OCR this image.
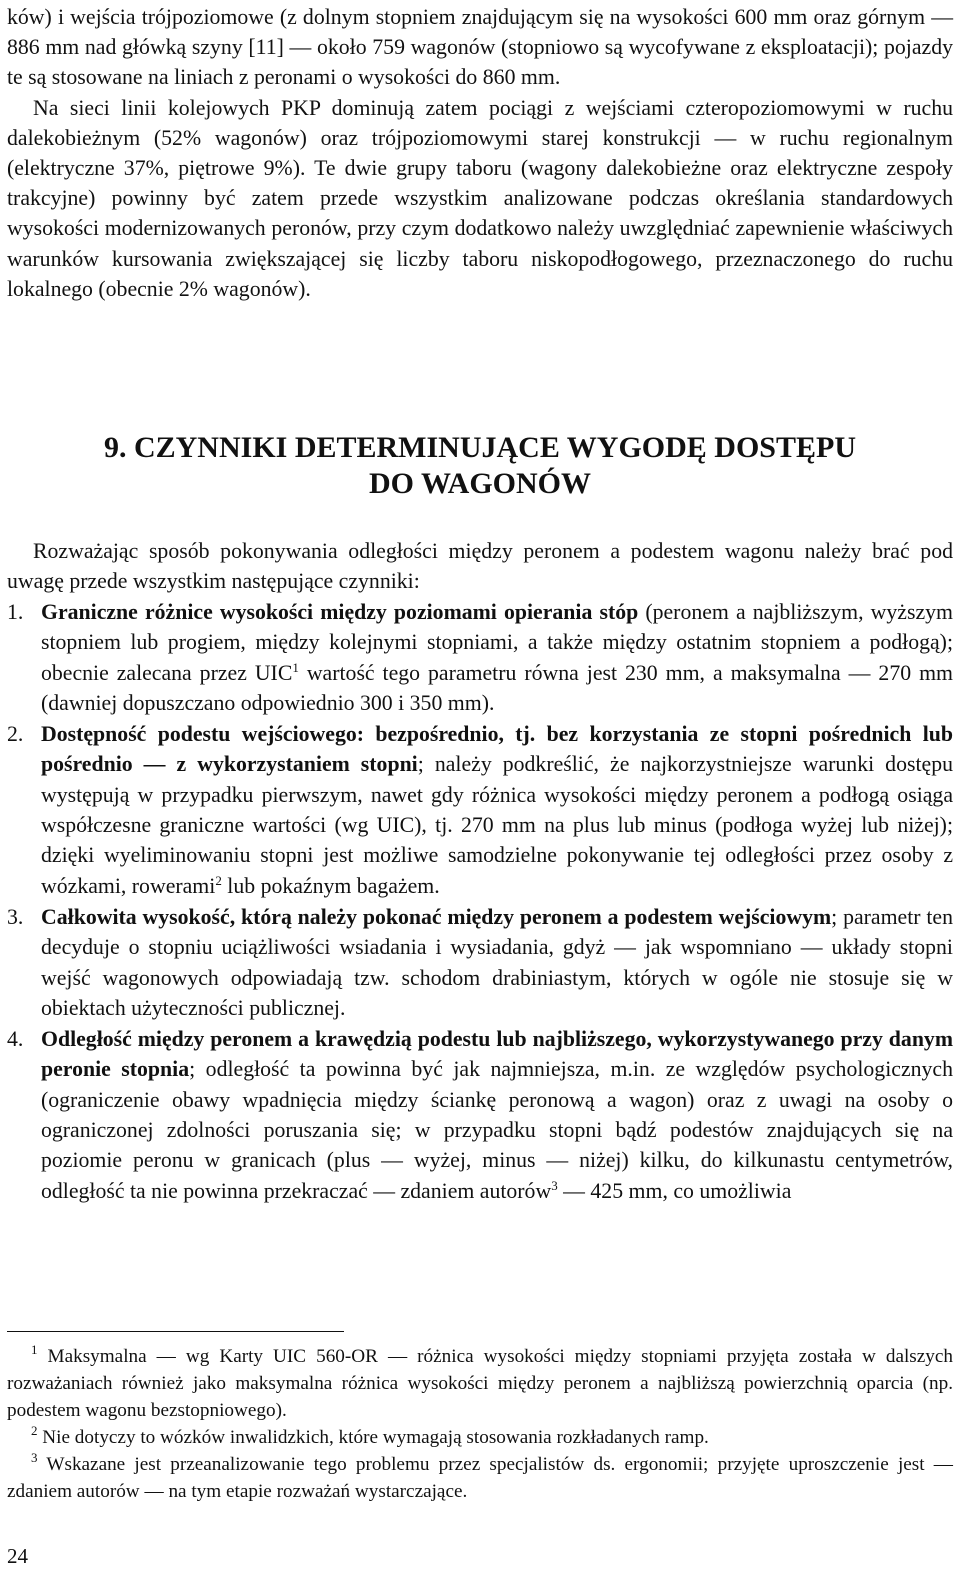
ków) i wejścia trójpoziomowe (z dolnym stopniem znajdującym się na wysokości 600 mm oraz górnym — 886 mm nad główką szyny [11] — około 759 wagonów (stopniowo są wycofywane z eksploatacji); pojazdy te są stosowane na liniach z peronami o wysokości do 860 mm.
Na sieci linii kolejowych PKP dominują zatem pociągi z wejściami czteropoziomowymi w ruchu dalekobieżnym (52% wagonów) oraz trójpoziomowymi starej konstrukcji — w ruchu regionalnym (elektryczne 37%, piętrowe 9%). Te dwie grupy taboru (wagony dalekobieżne oraz elektryczne zespoły trakcyjne) powinny być zatem przede wszystkim analizowane podczas określania standardowych wysokości modernizowanych peronów, przy czym dodatkowo należy uwzględniać zapewnienie właściwych warunków kursowania zwiększającej się liczby taboru niskopodłogowego, przeznaczonego do ruchu lokalnego (obecnie 2% wagonów).
9. CZYNNIKI DETERMINUJĄCE WYGODĘ DOSTĘPU
DO WAGONÓW
Rozważając sposób pokonywania odległości między peronem a podestem wagonu należy brać pod uwagę przede wszystkim następujące czynniki:
1. Graniczne różnice wysokości między poziomami opierania stóp (peronem a najbliższym, wyższym stopniem lub progiem, między kolejnymi stopniami, a także między ostatnim stopniem a podłogą); obecnie zalecana przez UIC$^1$ wartość tego parametru równa jest 230 mm, a maksymalna — 270 mm (dawniej dopuszczano odpowiednio 300 i 350 mm).
2. Dostępność podestu wejściowego: bezpośrednio, tj. bez korzystania ze stopni pośrednich lub pośrednio — z wykorzystaniem stopni; należy podkreślić, że najkorzystniejsze warunki dostępu występują w przypadku pierwszym, nawet gdy różnica wysokości między peronem a podłogą osiąga współczesne graniczne wartości (wg UIC), tj. 270 mm na plus lub minus (podłoga wyżej lub niżej); dzięki wyeliminowaniu stopni jest możliwe samodzielne pokonywanie tej odległości przez osoby z wózkami, rowerami$^2$ lub pokaźnym bagażem.
3. Całkowita wysokość, którą należy pokonać między peronem a podestem wejściowym; parametr ten decyduje o stopniu uciążliwości wsiadania i wysiadania, gdyż — jak wspomniano — układy stopni wejść wagonowych odpowiadają tzw. schodom drabiniastym, których w ogóle nie stosuje się w obiektach użyteczności publicznej.
4. Odległość między peronem a krawędzią podestu lub najbliższego, wykorzystywanego przy danym peronie stopnia; odległość ta powinna być jak najmniejsza, m.in. ze względów psychologicznych (ograniczenie obawy wpadnięcia między ściankę peronową a wagon) oraz z uwagi na osoby o ograniczonej zdolności poruszania się; w przypadku stopni bądź podestów znajdujących się na poziomie peronu w granicach (plus — wyżej, minus — niżej) kilku, do kilkunastu centymetrów, odległość ta nie powinna przekraczać — zdaniem autorów$^3$ — 425 mm, co umożliwia
$^1$ Maksymalna — wg Karty UIC 560-OR — różnica wysokości między stopniami przyjęta została w dalszych rozważaniach również jako maksymalna różnica wysokości między peronem a najbliższą powierzchnią oparcia (np. podestem wagonu bezstopniowego).
$^2$ Nie dotyczy to wózków inwalidzkich, które wymagają stosowania rozkładanych ramp.
$^3$ Wskazane jest przeanalizowanie tego problemu przez specjalistów ds. ergonomii; przyjęte uproszczenie jest — zdaniem autorów — na tym etapie rozważań wystarczające.
24
